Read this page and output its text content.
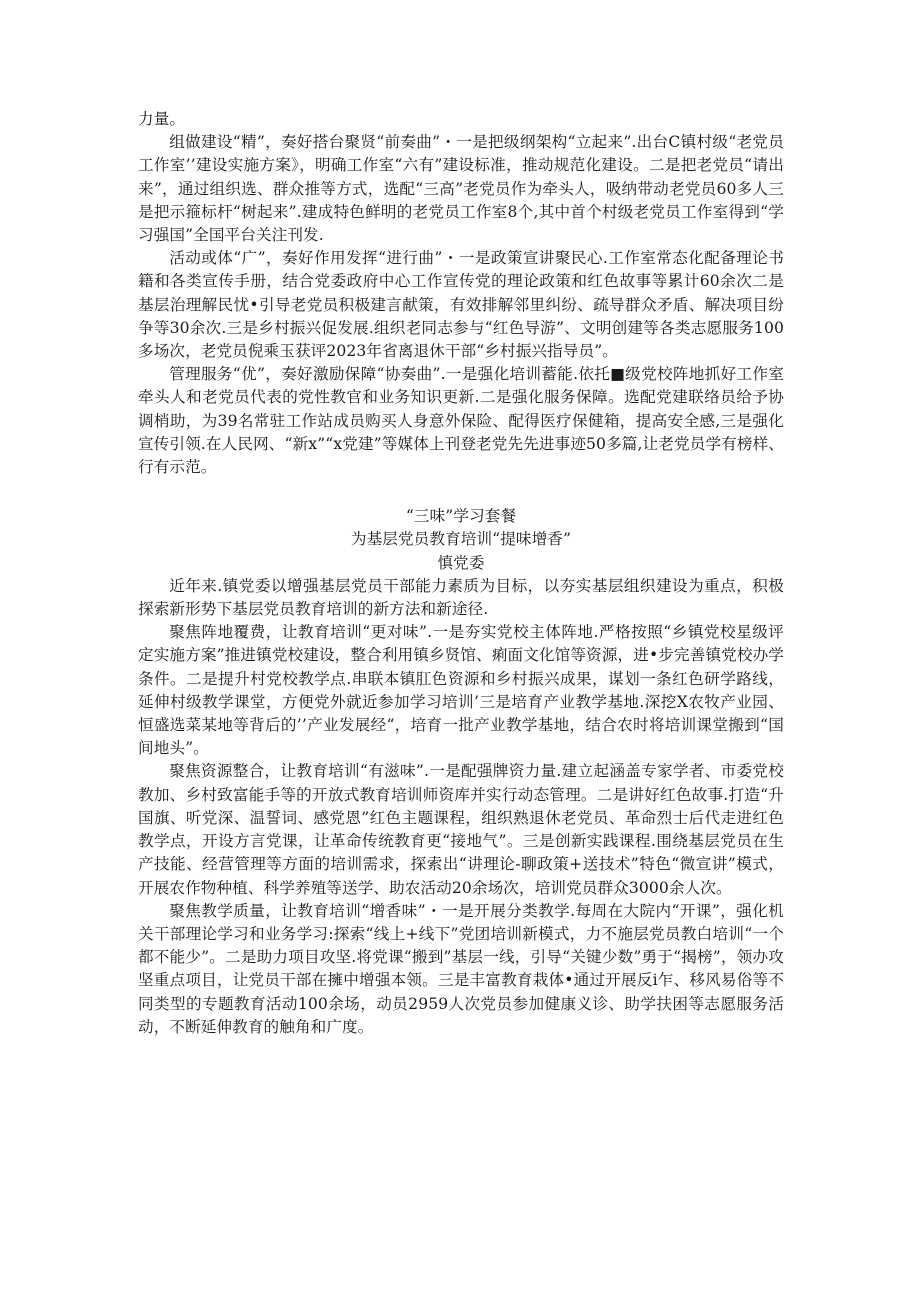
力量。

组做建设“精”，奏好搭台聚贤“前奏曲”・一是把级纲架构“立起来”.出台C镇村级“老党员工作室’’建设实施方案》，明确工作室“六有”建设标准，推动规范化建设。二是把老党员“请出来”，通过组织选、群众推等方式，选配“三高”老党员作为牵头人，吸纳带动老党员60多人三是把示箍标杆“树起来”.建成特色鲜明的老党员工作室8个,其中首个村级老党员工作室得到“学习强国”全国平台关注刊发.

活动或体“广”，奏好作用发挥“进行曲”・一是政策宣讲聚民心.工作室常态化配备理论书籍和各类宣传手册，结合党委政府中心工作宣传党的理论政策和红色故事等累计60余次二是基层治理解民忧•引导老党员积极建言献策，有效排解邻里纠纷、疏导群众矛盾、解决项目纷争等30余次.三是乡村振兴促发展.组织老同志参与“红色导游”、文明创建等各类志愿服务100多场次，老党员倪乘玉获评2023年省离退休干部“乡村振兴指导员”。

管理服务“优”，奏好激励保障“协奏曲”.一是强化培训蓄能.依托■级党校阵地抓好工作室牵头人和老党员代表的党性教官和业务知识更新.二是强化服务保障。选配党建联络员给予协调梢助，为39名常驻工作站成员购买人身意外保险、配得医疗保健箱，提高安全感,三是强化宣传引领.在人民网、“新x”“x党建”等媒体上刊登老党先先进事迹50多篇,让老党员学有榜样、行有示范。

“三味”学习套餐

为基层党员教育培训“提味增香”

慎党委

近年来.镇党委以增强基层党员干部能力素质为目标，以夯实基层组织建设为重点，积极探索新形势下基层党员教育培训的新方法和新途径.

聚焦阵地覆费，让教育培训“更对味”.一是夯实党校主体阵地.严格按照“乡镇党校星级评定实施方案”推进镇党校建设，整合利用镇乡贤馆、痢面文化馆等资源，进•步完善镇党校办学条件。二是提升村党校教学点.串联本镇肛色资源和乡村振兴成果，谋划一条红色研学路线，延伸村级教学课堂，方便党外就近参加学习培训’三是培育产业教学基地.深挖X农牧产业园、恒盛选菜某地等背后的’’产业发展经“，培育一批产业教学基地，结合农时将培训课堂搬到“国间地头”。

聚焦资源整合，让教育培训“有滋味”.一是配强牌资力量.建立起涵盖专家学者、市委党校教加、乡村致富能手等的开放式教育培训师资库并实行动态管理。二是讲好红色故事.打造“升国旗、听党深、温誓词、感党恩”红色主题课程，组织熟退休老党员、革命烈士后代走进红色教学点，开设方言党课，让革命传统教育更“接地气”。三是创新实践课程.围绕基层党员在生产技能、经营管理等方面的培训需求，探索出“讲理论-聊政策+送技术”特色“微宣讲”模式，开展农作物种植、科学养殖等送学、助农活动20余场次，培训党员群众3000余人次。

聚焦教学质量，让教育培训“增香味”・一是开展分类教学.每周在大院内“开课”，强化机关干部理论学习和业务学习:探索“线上+线下”党团培训新模式，力不施层党员教白培训“一个都不能少”。二是助力项目攻坚.将党课“搬到”基层一线，引导“关键少数”勇于“揭榜”，领办攻坚重点项目，让党员干部在擁中增强本领。三是丰富教育栽体•通过开展反i乍、移风易俗等不同类型的专题教育活动100余场，动员2959人次党员参加健康义诊、助学扶困等志愿服务活动，不断延伸教育的触角和广度。
